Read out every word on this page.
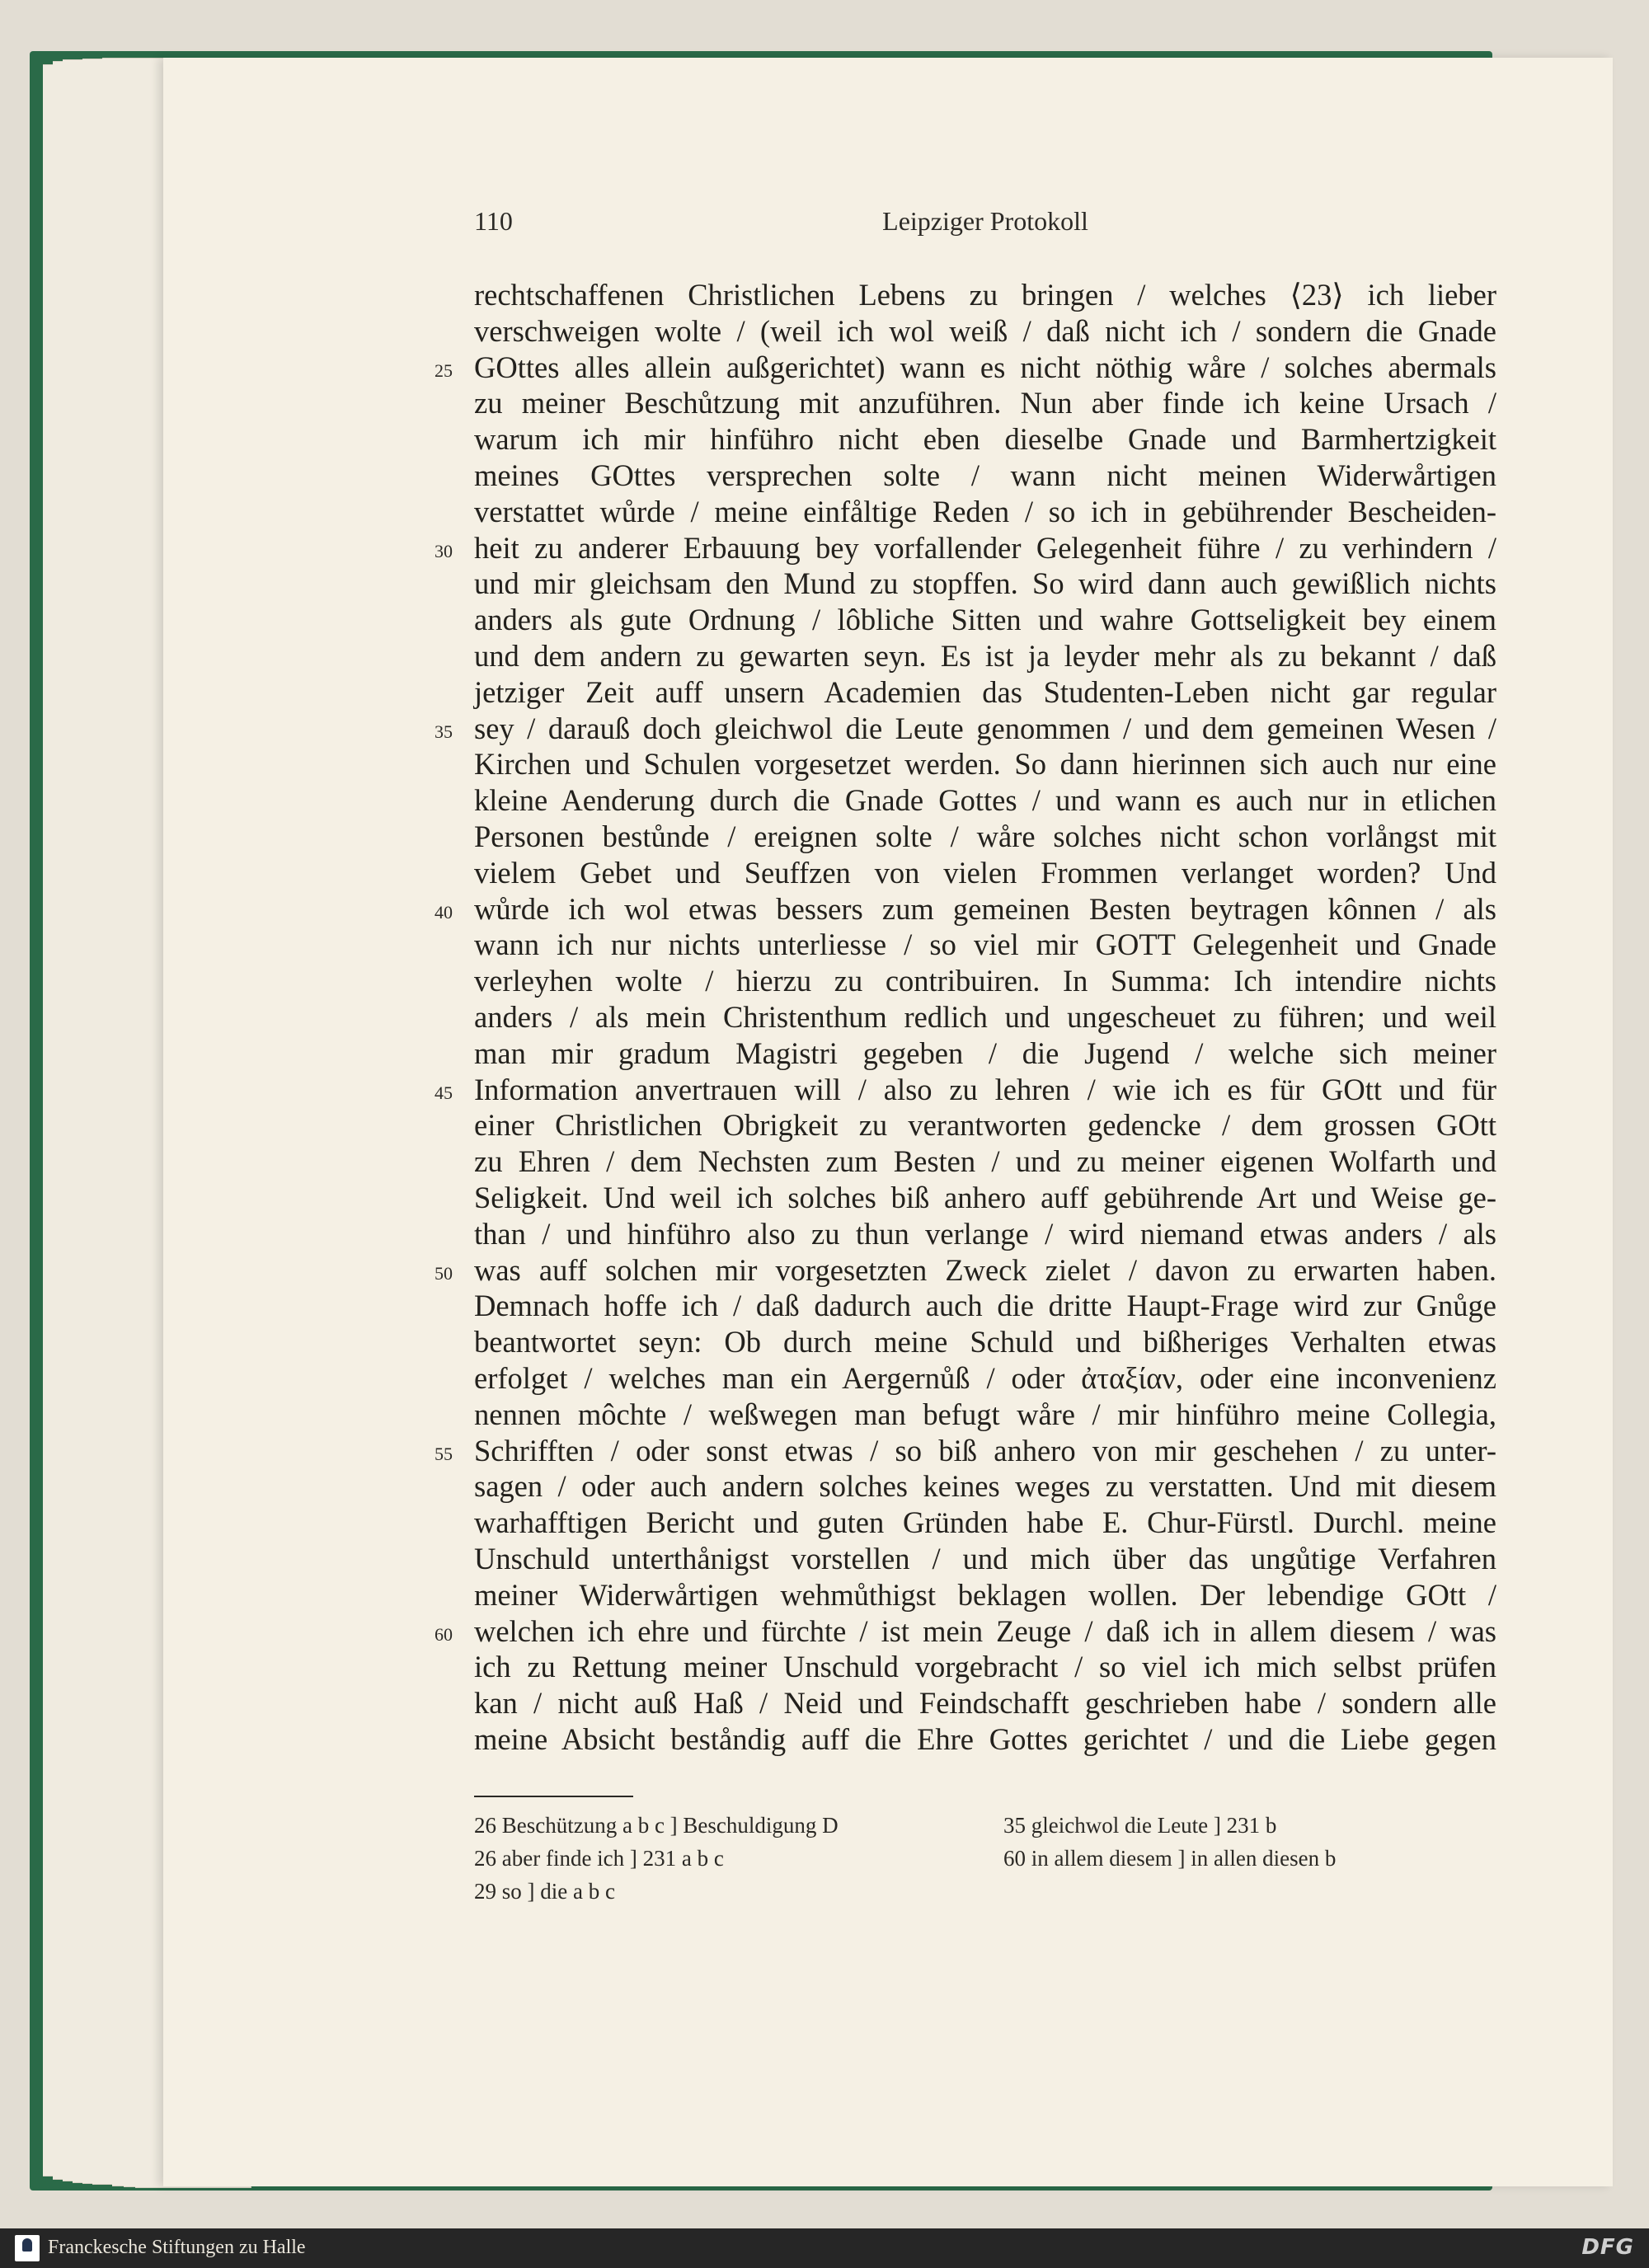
110	Leipziger Protokoll
rechtschaffenen Christlichen Lebens zu bringen / welches ⟨23⟩ ich lieber
verschweigen wolte / (weil ich wol weiß / daß nicht ich / sondern die Gnade
GOttes alles allein außgerichtet) wann es nicht nöthig wåre / solches abermals
zu meiner Beschůtzung mit anzuführen. Nun aber finde ich keine Ursach /
warum ich mir hinführo nicht eben dieselbe Gnade und Barmhertzigkeit
meines GOttes versprechen solte / wann nicht meinen Widerwårtigen
verstattet wůrde / meine einfåltige Reden / so ich in gebührender Bescheiden-
heit zu anderer Erbauung bey vorfallender Gelegenheit führe / zu verhindern /
und mir gleichsam den Mund zu stopffen. So wird dann auch gewißlich nichts
anders als gute Ordnung / lôbliche Sitten und wahre Gottseligkeit bey einem
und dem andern zu gewarten seyn. Es ist ja leyder mehr als zu bekannt / daß
jetziger Zeit auff unsern Academien das Studenten-Leben nicht gar regular
sey / darauß doch gleichwol die Leute genommen / und dem gemeinen Wesen /
Kirchen und Schulen vorgesetzet werden. So dann hierinnen sich auch nur eine
kleine Aenderung durch die Gnade Gottes / und wann es auch nur in etlichen
Personen bestůnde / ereignen solte / wåre solches nicht schon vorlångst mit
vielem Gebet und Seuffzen von vielen Frommen verlanget worden? Und
wůrde ich wol etwas bessers zum gemeinen Besten beytragen kônnen / als
wann ich nur nichts unterliesse / so viel mir GOTT Gelegenheit und Gnade
verleyhen wolte / hierzu zu contribuiren. In Summa: Ich intendire nichts
anders / als mein Christenthum redlich und ungescheuet zu führen; und weil
man mir gradum Magistri gegeben / die Jugend / welche sich meiner
Information anvertrauen will / also zu lehren / wie ich es für GOtt und für
einer Christlichen Obrigkeit zu verantworten gedencke / dem grossen GOtt
zu Ehren / dem Nechsten zum Besten / und zu meiner eigenen Wolfarth und
Seligkeit. Und weil ich solches biß anhero auff gebührende Art und Weise ge-
than / und hinführo also zu thun verlange / wird niemand etwas anders / als
was auff solchen mir vorgesetzten Zweck zielet / davon zu erwarten haben.
Demnach hoffe ich / daß dadurch auch die dritte Haupt-Frage wird zur Gnůge
beantwortet seyn: Ob durch meine Schuld und bißheriges Verhalten etwas
erfolget / welches man ein Aergernůß / oder ἀταξίαν, oder eine inconvenienz
nennen môchte / weßwegen man befugt wåre / mir hinführo meine Collegia,
Schrifften / oder sonst etwas / so biß anhero von mir geschehen / zu unter-
sagen / oder auch andern solches keines weges zu verstatten. Und mit diesem
warhafftigen Bericht und guten Gründen habe E. Chur-Fürstl. Durchl. meine
Unschuld unterthånigst vorstellen / und mich über das ungůtige Verfahren
meiner Widerwårtigen wehmůthigst beklagen wollen. Der lebendige GOtt /
welchen ich ehre und fürchte / ist mein Zeuge / daß ich in allem diesem / was
ich zu Rettung meiner Unschuld vorgebracht / so viel ich mich selbst prüfen
kan / nicht auß Haß / Neid und Feindschafft geschrieben habe / sondern alle
meine Absicht beståndig auff die Ehre Gottes gerichtet / und die Liebe gegen
25
30
35
40
45
50
55
60
26 Beschützung a b c ] Beschuldigung D
26 aber finde ich ] 231 a b c
29 so ] die a b c
35 gleichwol die Leute ] 231 b
60 in allem diesem ] in allen diesen b
Franckesche Stiftungen zu Halle	DFG
